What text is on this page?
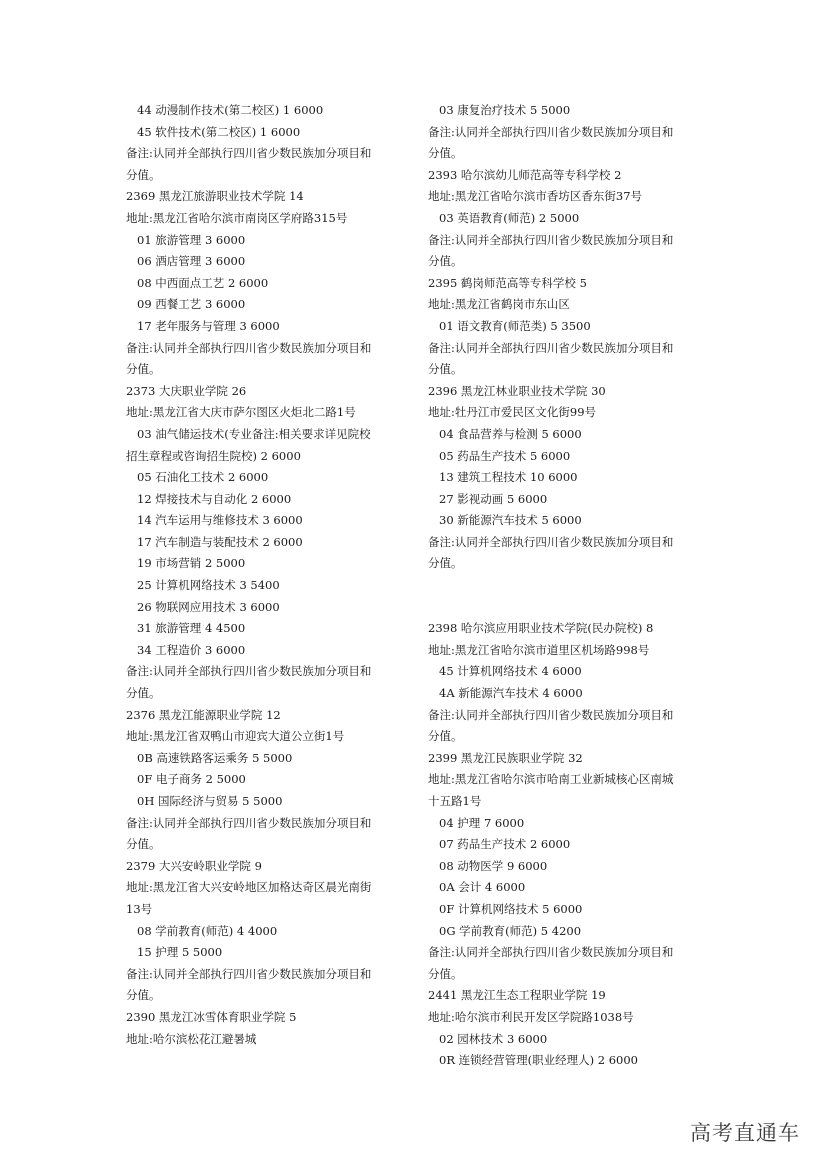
44 动漫制作技术(第二校区) 1 6000
45 软件技术(第二校区) 1 6000
备注:认同并全部执行四川省少数民族加分项目和
分值。
2369 黑龙江旅游职业技术学院 14
地址:黑龙江省哈尔滨市南岗区学府路315号
01 旅游管理 3 6000
06 酒店管理 3 6000
08 中西面点工艺 2 6000
09 西餐工艺 3 6000
17 老年服务与管理 3 6000
备注:认同并全部执行四川省少数民族加分项目和
分值。
2373 大庆职业学院 26
地址:黑龙江省大庆市萨尔图区火炬北二路1号
03 油气储运技术(专业备注:相关要求详见院校
招生章程或咨询招生院校) 2 6000
05 石油化工技术 2 6000
12 焊接技术与自动化 2 6000
14 汽车运用与维修技术 3 6000
17 汽车制造与装配技术 2 6000
19 市场营销 2 5000
25 计算机网络技术 3 5400
26 物联网应用技术 3 6000
31 旅游管理 4 4500
34 工程造价 3 6000
备注:认同并全部执行四川省少数民族加分项目和
分值。
2376 黑龙江能源职业学院 12
地址:黑龙江省双鸭山市迎宾大道公立街1号
0B 高速铁路客运乘务 5 5000
0F 电子商务 2 5000
0H 国际经济与贸易 5 5000
备注:认同并全部执行四川省少数民族加分项目和
分值。
2379 大兴安岭职业学院 9
地址:黑龙江省大兴安岭地区加格达奇区晨光南街
13号
08 学前教育(师范) 4 4000
15 护理 5 5000
备注:认同并全部执行四川省少数民族加分项目和
分值。
2390 黑龙江冰雪体育职业学院 5
地址:哈尔滨松花江避暑城
03 康复治疗技术 5 5000
备注:认同并全部执行四川省少数民族加分项目和
分值。
2393 哈尔滨幼儿师范高等专科学校 2
地址:黑龙江省哈尔滨市香坊区香东街37号
03 英语教育(师范) 2 5000
备注:认同并全部执行四川省少数民族加分项目和
分值。
2395 鹤岗师范高等专科学校 5
地址:黑龙江省鹤岗市东山区
01 语文教育(师范类) 5 3500
备注:认同并全部执行四川省少数民族加分项目和
分值。
2396 黑龙江林业职业技术学院 30
地址:牡丹江市爱民区文化街99号
04 食品营养与检测 5 6000
05 药品生产技术 5 6000
13 建筑工程技术 10 6000
27 影视动画 5 6000
30 新能源汽车技术 5 6000
备注:认同并全部执行四川省少数民族加分项目和
分值。
2398 哈尔滨应用职业技术学院(民办院校) 8
地址:黑龙江省哈尔滨市道里区机场路998号
45 计算机网络技术 4 6000
4A 新能源汽车技术 4 6000
备注:认同并全部执行四川省少数民族加分项目和
分值。
2399 黑龙江民族职业学院 32
地址:黑龙江省哈尔滨市哈南工业新城核心区南城
十五路1号
04 护理 7 6000
07 药品生产技术 2 6000
08 动物医学 9 6000
0A 会计 4 6000
0F 计算机网络技术 5 6000
0G 学前教育(师范) 5 4200
备注:认同并全部执行四川省少数民族加分项目和
分值。
2441 黑龙江生态工程职业学院 19
地址:哈尔滨市利民开发区学院路1038号
02 园林技术 3 6000
0R 连锁经营管理(职业经理人) 2 6000
高考直通车
